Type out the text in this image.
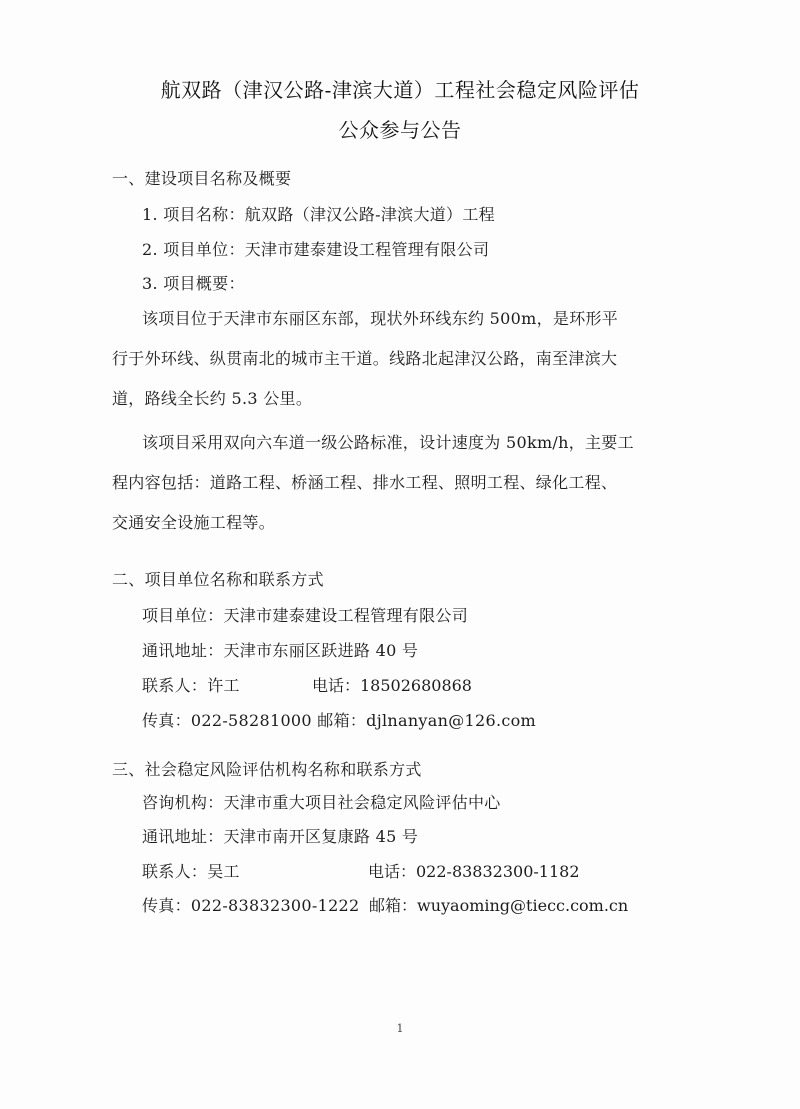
航双路（津汉公路-津滨大道）工程社会稳定风险评估
公众参与公告
一、建设项目名称及概要
1. 项目名称：航双路（津汉公路-津滨大道）工程
2. 项目单位：天津市建泰建设工程管理有限公司
3. 项目概要：
该项目位于天津市东丽区东部，现状外环线东约 500m，是环形平
行于外环线、纵贯南北的城市主干道。线路北起津汉公路，南至津滨大
道，路线全长约 5.3 公里。
该项目采用双向六车道一级公路标准，设计速度为 50km/h，主要工
程内容包括：道路工程、桥涵工程、排水工程、照明工程、绿化工程、
交通安全设施工程等。
二、项目单位名称和联系方式
项目单位：天津市建泰建设工程管理有限公司
通讯地址：天津市东丽区跃进路 40 号
联系人：许工	电话：18502680868
传真：022-58281000 邮箱：djlnanyan@126.com
三、社会稳定风险评估机构名称和联系方式
咨询机构：天津市重大项目社会稳定风险评估中心
通讯地址：天津市南开区复康路 45 号
联系人：吴工	电话：022-83832300-1182
传真：022-83832300-1222 邮箱：wuyaoming@tiecc.com.cn
1
